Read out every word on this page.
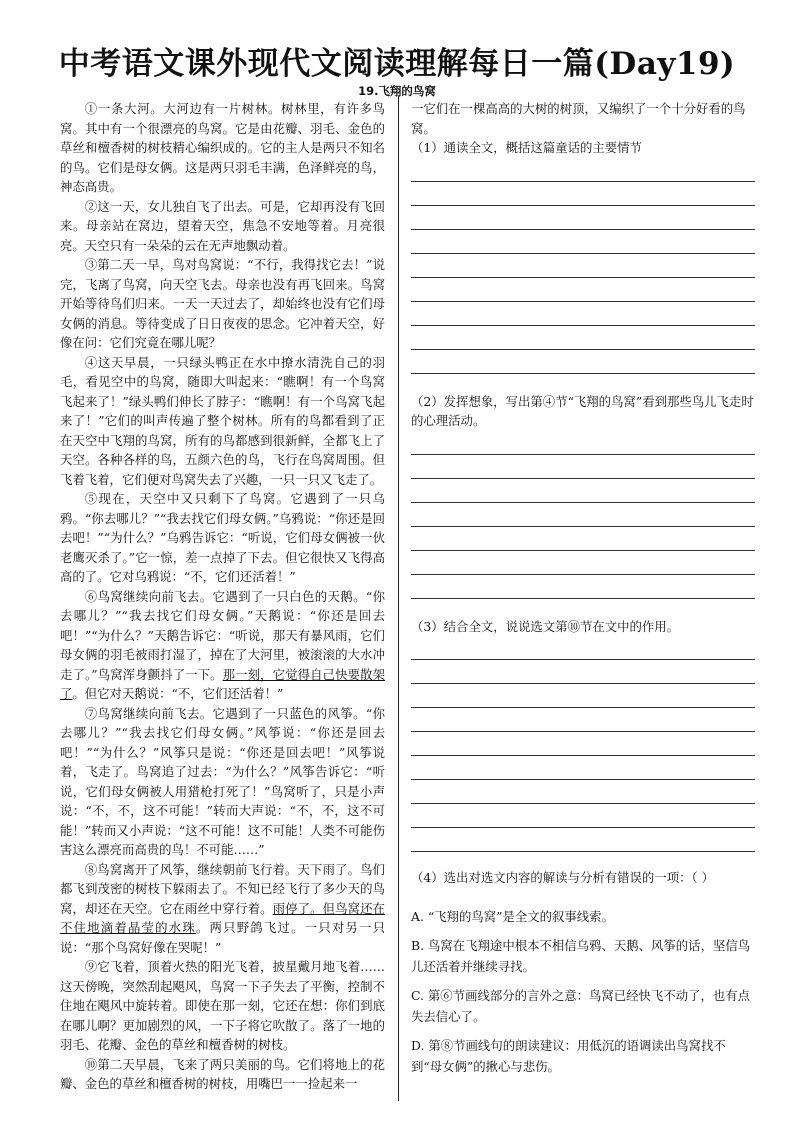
中考语文课外现代文阅读理解每日一篇(Day19)
19.飞翔的鸟窝

①一条大河。大河边有一片树林。树林里，有许多鸟窝。其中有一个很漂亮的鸟窝。它是由花瓣、羽毛、金色的草丝和檀香树的树枝精心编织成的。它的主人是两只不知名的鸟。它们是母女俩。这是两只羽毛丰满，色泽鲜亮的鸟，神态高贵。

②这一天，女儿独自飞了出去。可是，它却再没有飞回来。母亲站在窝边，望着天空，焦急不安地等着。月亮很亮。天空只有一朵朵的云在无声地飘动着。

③第二天一早，鸟对鸟窝说：“不行，我得找它去！”说完，飞离了鸟窝，向天空飞去。母亲也没有再飞回来。鸟窝开始等待鸟们归来。一天一天过去了，却始终也没有它们母女俩的消息。等待变成了日日夜夜的思念。它冲着天空，好像在问：它们究竟在哪儿呢？

④这天早晨，一只绿头鸭正在水中撩水清洗自己的羽毛，看见空中的鸟窝，随即大叫起来：“瞧啊！有一个鸟窝飞起来了！”绿头鸭们伸长了脖子：“瞧啊！有一个鸟窝飞起来了！”它们的叫声传遍了整个树林。所有的鸟都看到了正在天空中飞翔的鸟窝，所有的鸟都感到很新鲜，全都飞上了天空。各种各样的鸟，五颜六色的鸟，飞行在鸟窝周围。但飞着飞着，它们便对鸟窝失去了兴趣，一只一只又飞走了。

⑤现在，天空中又只剩下了鸟窝。它遇到了一只乌鸦。“你去哪儿？”“我去找它们母女俩。”乌鸦说：“你还是回去吧！”“为什么？”乌鸦告诉它：“听说，它们母女俩被一伙老鹰灭杀了。”它一惊，差一点掉了下去。但它很快又飞得高高的了。它对乌鸦说：“不，它们还活着！”

⑥鸟窝继续向前飞去。它遇到了一只白色的天鹅。“你去哪儿？”“我去找它们母女俩。”天鹅说：“你还是回去吧！”“为什么？”天鹅告诉它：“听说，那天有暴风雨，它们母女俩的羽毛被雨打湿了，掉在了大河里，被滚滚的大水冲走了。”鸟窝浑身颤抖了一下。那一刻，它觉得自己快要散架了。但它对天鹅说：“不，它们还活着！”

⑦鸟窝继续向前飞去。它遇到了一只蓝色的风筝。“你去哪儿？”“我去找它们母女俩。”风筝说：“你还是回去吧！”“为什么？”风筝只是说：“你还是回去吧！”风筝说着，飞走了。鸟窝追了过去：“为什么？”风筝告诉它：“听说，它们母女俩被人用猎枪打死了！”鸟窝听了，只是小声说：“不，不，这不可能！”转而大声说：“不，不，这不可能！”转而又小声说：“这不可能！这不可能！人类不可能伤害这么漂亮而高贵的鸟！不可能……”

⑧鸟窝离开了风筝，继续朝前飞行着。天下雨了。鸟们都飞到茂密的树枝下躲雨去了。不知已经飞行了多少天的鸟窝，却还在天空。它在雨丝中穿行着。雨停了。但鸟窝还在不住地滴着晶莹的水珠。两只野鸽飞过。一只对另一只说：“那个鸟窝好像在哭呢！”

⑨它飞着，顶着火热的阳光飞着，披星戴月地飞着……这天傍晚，突然刮起飓风，鸟窝一下子失去了平衡，控制不住地在飓风中旋转着。即使在那一刻，它还在想：你们到底在哪儿啊？更加剧烈的风，一下子将它吹散了。落了一地的羽毛、花瓣、金色的草丝和檀香树的树枝。

⑩第二天早晨，飞来了两只美丽的鸟。它们将地上的花瓣、金色的草丝和檀香树的树枝，用嘴巴一一捡起来一

一它们在一棵高高的大树的树顶，又编织了一个十分好看的鸟窝。

（1）通读全文，概括这篇童话的主要情节

（2）发挥想象，写出第④节“飞翔的鸟窝”看到那些鸟儿飞走时的心理活动。

（3）结合全文，说说选文第⑩节在文中的作用。

（4）选出对选文内容的解读与分析有错误的一项：（ ）

A. “飞翔的鸟窝”是全文的叙事线索。

B. 鸟窝在飞翔途中根本不相信乌鸦、天鹅、风筝的话，坚信鸟儿还活着并继续寻找。

C. 第⑥节画线部分的言外之意：鸟窝已经快飞不动了，也有点失去信心了。

D. 第⑧节画线句的朗读建议：用低沉的语调读出鸟窝找不到“母女俩”的揪心与悲伤。
